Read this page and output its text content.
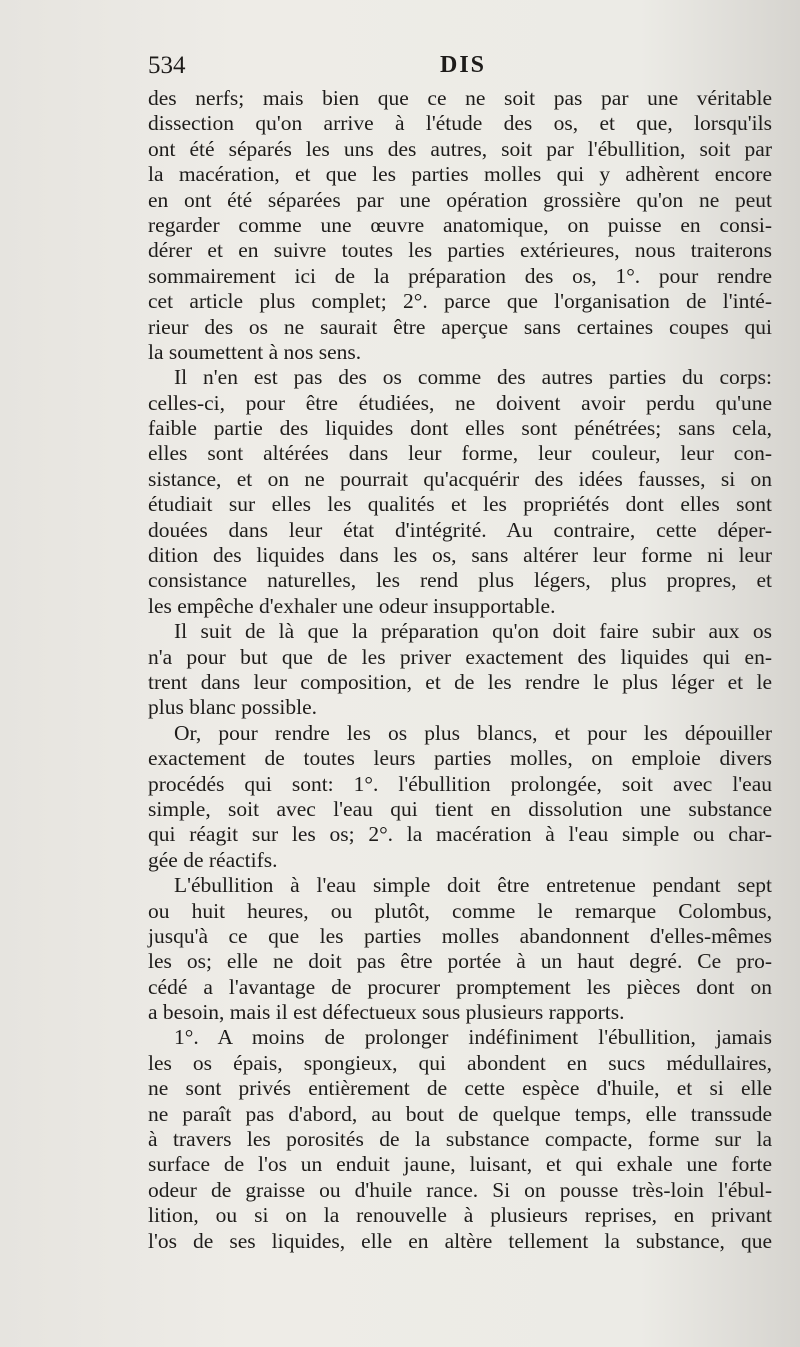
534	DIS
des nerfs; mais bien que ce ne soit pas par une véritable
dissection qu'on arrive à l'étude des os, et que, lorsqu'ils
ont été séparés les uns des autres, soit par l'ébullition, soit par
la macération, et que les parties molles qui y adhèrent encore
en ont été séparées par une opération grossière qu'on ne peut
regarder comme une œuvre anatomique, on puisse en consi-
dérer et en suivre toutes les parties extérieures, nous traiterons
sommairement ici de la préparation des os, 1°. pour rendre
cet article plus complet; 2°. parce que l'organisation de l'inté-
rieur des os ne saurait être aperçue sans certaines coupes qui
la soumettent à nos sens.
Il n'en est pas des os comme des autres parties du corps:
celles-ci, pour être étudiées, ne doivent avoir perdu qu'une
faible partie des liquides dont elles sont pénétrées; sans cela,
elles sont altérées dans leur forme, leur couleur, leur con-
sistance, et on ne pourrait qu'acquérir des idées fausses, si on
étudiait sur elles les qualités et les propriétés dont elles sont
douées dans leur état d'intégrité. Au contraire, cette déper-
dition des liquides dans les os, sans altérer leur forme ni leur
consistance naturelles, les rend plus légers, plus propres, et
les empêche d'exhaler une odeur insupportable.
Il suit de là que la préparation qu'on doit faire subir aux os
n'a pour but que de les priver exactement des liquides qui en-
trent dans leur composition, et de les rendre le plus léger et le
plus blanc possible.
Or, pour rendre les os plus blancs, et pour les dépouiller
exactement de toutes leurs parties molles, on emploie divers
procédés qui sont: 1°. l'ébullition prolongée, soit avec l'eau
simple, soit avec l'eau qui tient en dissolution une substance
qui réagit sur les os; 2°. la macération à l'eau simple ou char-
gée de réactifs.
L'ébullition à l'eau simple doit être entretenue pendant sept
ou huit heures, ou plutôt, comme le remarque Colombus,
jusqu'à ce que les parties molles abandonnent d'elles-mêmes
les os; elle ne doit pas être portée à un haut degré. Ce pro-
cédé a l'avantage de procurer promptement les pièces dont on
a besoin, mais il est défectueux sous plusieurs rapports.
1°. A moins de prolonger indéfiniment l'ébullition, jamais
les os épais, spongieux, qui abondent en sucs médullaires,
ne sont privés entièrement de cette espèce d'huile, et si elle
ne paraît pas d'abord, au bout de quelque temps, elle transsude
à travers les porosités de la substance compacte, forme sur la
surface de l'os un enduit jaune, luisant, et qui exhale une forte
odeur de graisse ou d'huile rance. Si on pousse très-loin l'ébul-
lition, ou si on la renouvelle à plusieurs reprises, en privant
l'os de ses liquides, elle en altère tellement la substance, que
